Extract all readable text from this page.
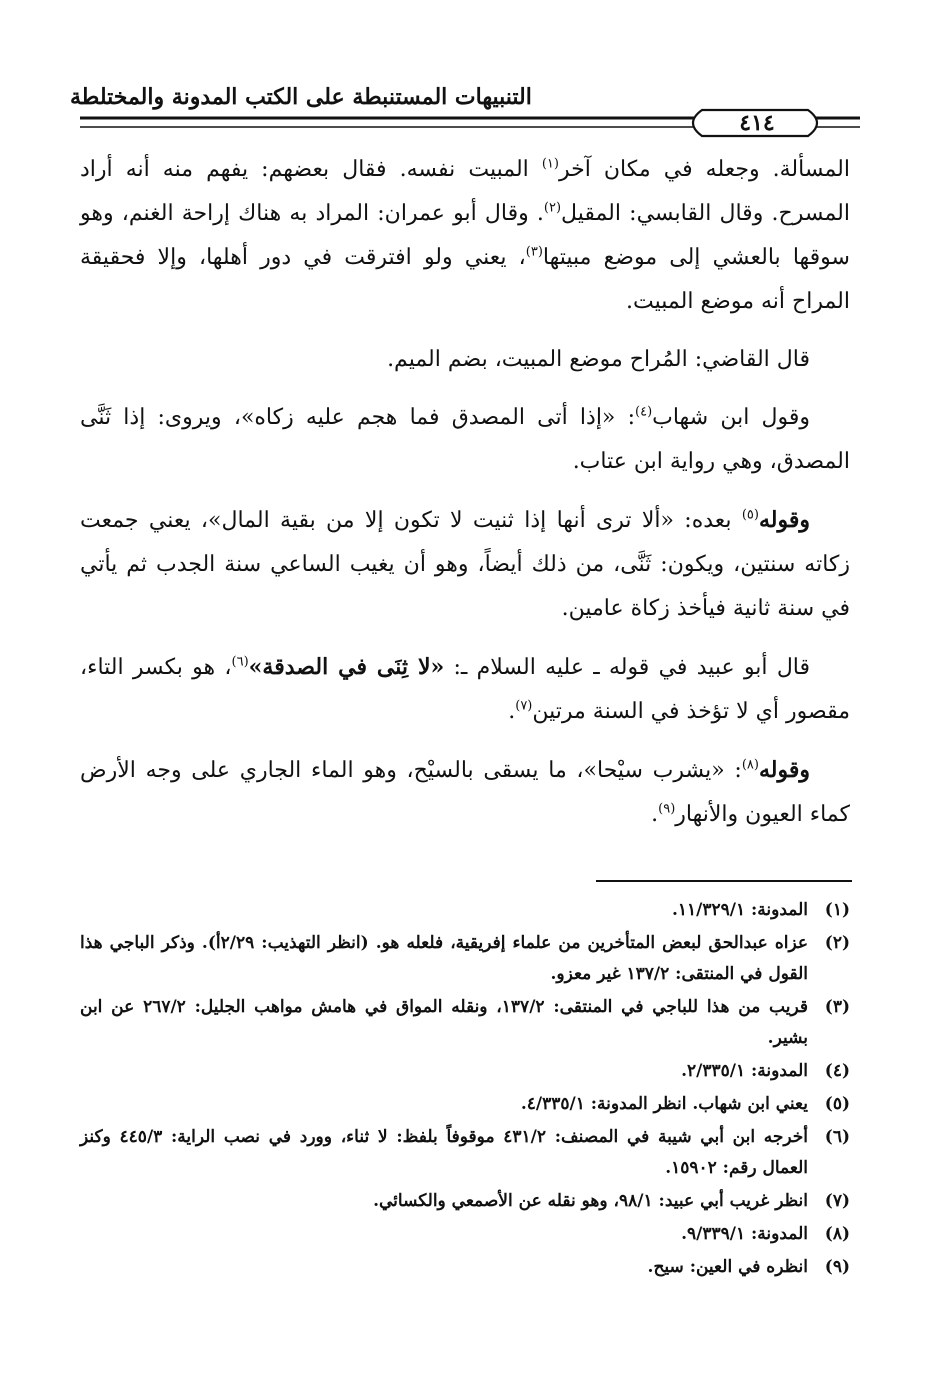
التنبيهات المستنبطة على الكتب المدونة والمختلطة
٤١٤

المسألة. وجعله في مكان آخر$^{(١)}$ المبيت نفسه. فقال بعضهم: يفهم منه أنه أراد المسرح. وقال القابسي: المقيل$^{(٢)}$. وقال أبو عمران: المراد به هناك إراحة الغنم، وهو سوقها بالعشي إلى موضع مبيتها$^{(٣)}$، يعني ولو افترقت في دور أهلها، وإلا فحقيقة المراح أنه موضع المبيت.

قال القاضي: المُراح موضع المبيت، بضم الميم.

وقول ابن شهاب$^{(٤)}$: «إذا أتى المصدق فما هجم عليه زكاه»، ويروى: إذا ثَنَّى المصدق، وهي رواية ابن عتاب.

وقوله$^{(٥)}$ بعده: «ألا ترى أنها إذا ثنيت لا تكون إلا من بقية المال»، يعني جمعت زكاته سنتين، ويكون: ثَنَّى، من ذلك أيضاً، وهو أن يغيب الساعي سنة الجدب ثم يأتي في سنة ثانية فيأخذ زكاة عامين.

قال أبو عبيد في قوله ـ عليه السلام ـ: «لا ثِنَى في الصدقة»$^{(٦)}$، هو بكسر التاء، مقصور أي لا تؤخذ في السنة مرتين$^{(٧)}$.

وقوله$^{(٨)}$: «يشرب سيْحا»، ما يسقى بالسيْح، وهو الماء الجاري على وجه الأرض كماء العيون والأنهار$^{(٩)}$.

(١)
المدونة: ١١/٣٢٩/١.
(٢)
عزاه عبدالحق لبعض المتأخرين من علماء إفريقية، فلعله هو. (انظر التهذيب: ٢/٢٩أ). وذكر الباجي هذا القول في المنتقى: ١٣٧/٢ غير معزو.
(٣)
قريب من هذا للباجي في المنتقى: ١٣٧/٢، ونقله المواق في هامش مواهب الجليل: ٢٦٧/٢ عن ابن بشير.
(٤)
المدونة: ٢/٣٣٥/١.
(٥)
يعني ابن شهاب. انظر المدونة: ٤/٣٣٥/١.
(٦)
أخرجه ابن أبي شيبة في المصنف: ٤٣١/٢ موقوفاً بلفظ: لا ثناء، وورد في نصب الراية: ٤٤٥/٣ وكنز العمال رقم: ١٥٩٠٢.
(٧)
انظر غريب أبي عبيد: ٩٨/١، وهو نقله عن الأصمعي والكسائي.
(٨)
المدونة: ٩/٣٣٩/١.
(٩)
انظره في العين: سيح.
